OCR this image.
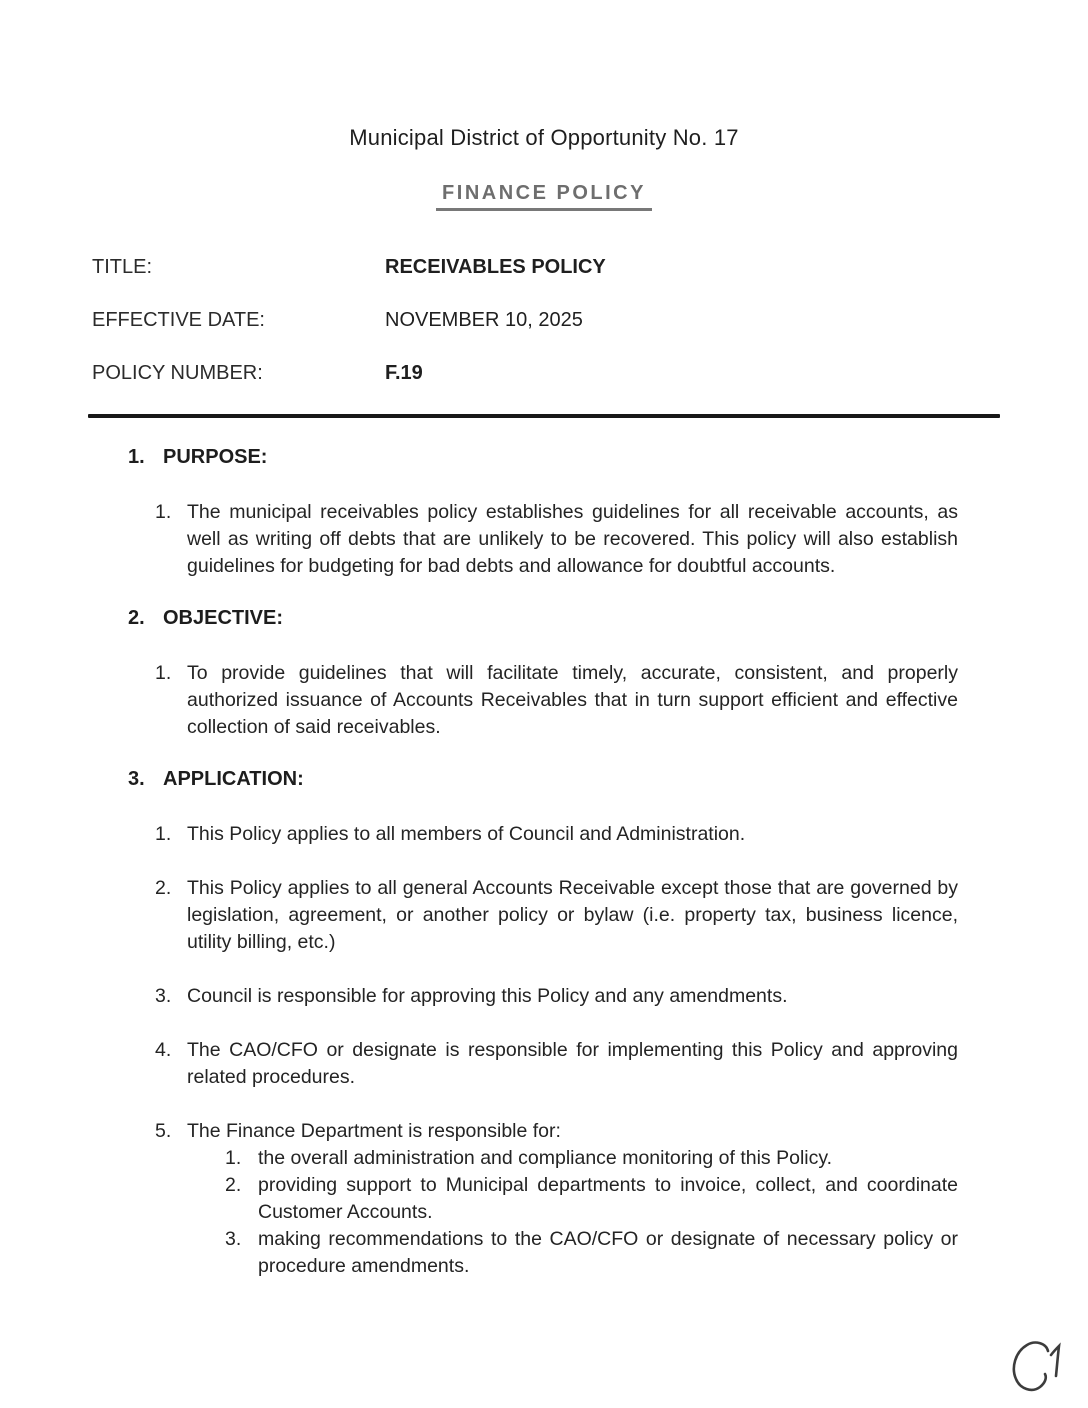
Municipal District of Opportunity No. 17
FINANCE POLICY
TITLE:	RECEIVABLES POLICY
EFFECTIVE DATE:	NOVEMBER 10, 2025
POLICY NUMBER:	F.19
1. PURPOSE:
1. The municipal receivables policy establishes guidelines for all receivable accounts, as well as writing off debts that are unlikely to be recovered. This policy will also establish guidelines for budgeting for bad debts and allowance for doubtful accounts.
2. OBJECTIVE:
1. To provide guidelines that will facilitate timely, accurate, consistent, and properly authorized issuance of Accounts Receivables that in turn support efficient and effective collection of said receivables.
3. APPLICATION:
1. This Policy applies to all members of Council and Administration.
2. This Policy applies to all general Accounts Receivable except those that are governed by legislation, agreement, or another policy or bylaw (i.e. property tax, business licence, utility billing, etc.)
3. Council is responsible for approving this Policy and any amendments.
4. The CAO/CFO or designate is responsible for implementing this Policy and approving related procedures.
5. The Finance Department is responsible for:
1. the overall administration and compliance monitoring of this Policy.
2. providing support to Municipal departments to invoice, collect, and coordinate Customer Accounts.
3. making recommendations to the CAO/CFO or designate of necessary policy or procedure amendments.
